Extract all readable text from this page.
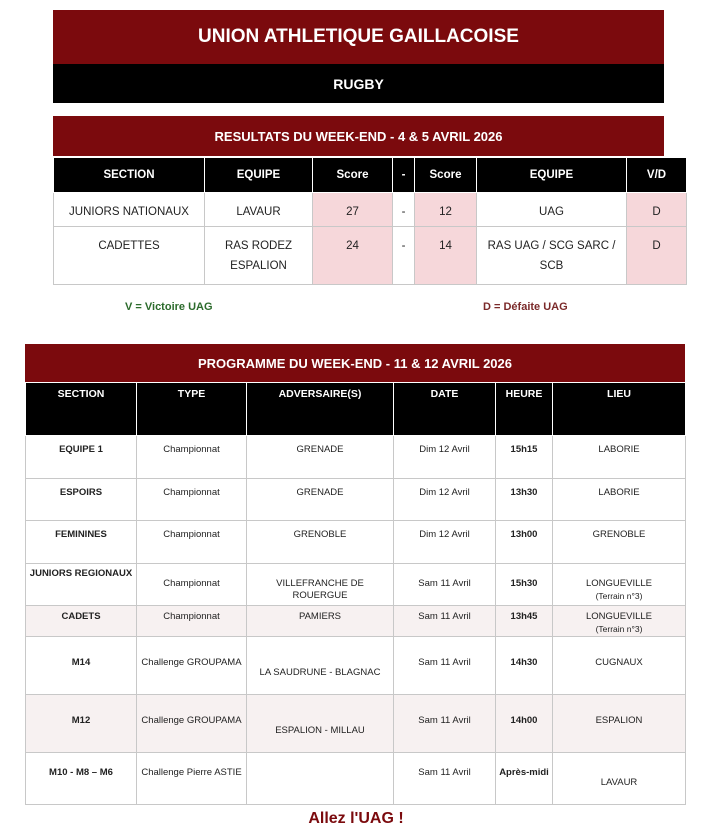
UNION ATHLETIQUE GAILLACOISE
RUGBY
RESULTATS DU WEEK-END - 4 & 5 AVRIL 2026
SECTION	EQUIPE	Score	-	Score	EQUIPE	V/D
JUNIORS NATIONAUX	LAVAUR	27	-	12	UAG	D
CADETTES	RAS RODEZ ESPALION	24	-	14	RAS UAG / SCG SARC / SCB	D
V = Victoire UAG	D = Défaite UAG
PROGRAMME DU WEEK-END - 11 & 12 AVRIL 2026
SECTION	TYPE	ADVERSAIRE(S)	DATE	HEURE	LIEU
EQUIPE 1	Championnat	GRENADE	Dim 12 Avril	15h15	LABORIE
ESPOIRS	Championnat	GRENADE	Dim 12 Avril	13h30	LABORIE
FEMININES	Championnat	GRENOBLE	Dim 12 Avril	13h00	GRENOBLE
JUNIORS REGIONAUX	Championnat	VILLEFRANCHE DE ROUERGUE	Sam 11 Avril	15h30	LONGUEVILLE
(Terrain n°3)

CADETS	Championnat	PAMIERS	Sam 11 Avril	13h45	LONGUEVILLE
(Terrain n°3)

M14	Challenge GROUPAMA	LA SAUDRUNE - BLAGNAC	Sam 11 Avril	14h30	CUGNAUX
M12	Challenge GROUPAMA	ESPALION - MILLAU	Sam 11 Avril	14h00	ESPALION
M10 - M8 – M6	Challenge Pierre ASTIE		Sam 11 Avril	Après-midi	LAVAUR
Allez l'UAG !
